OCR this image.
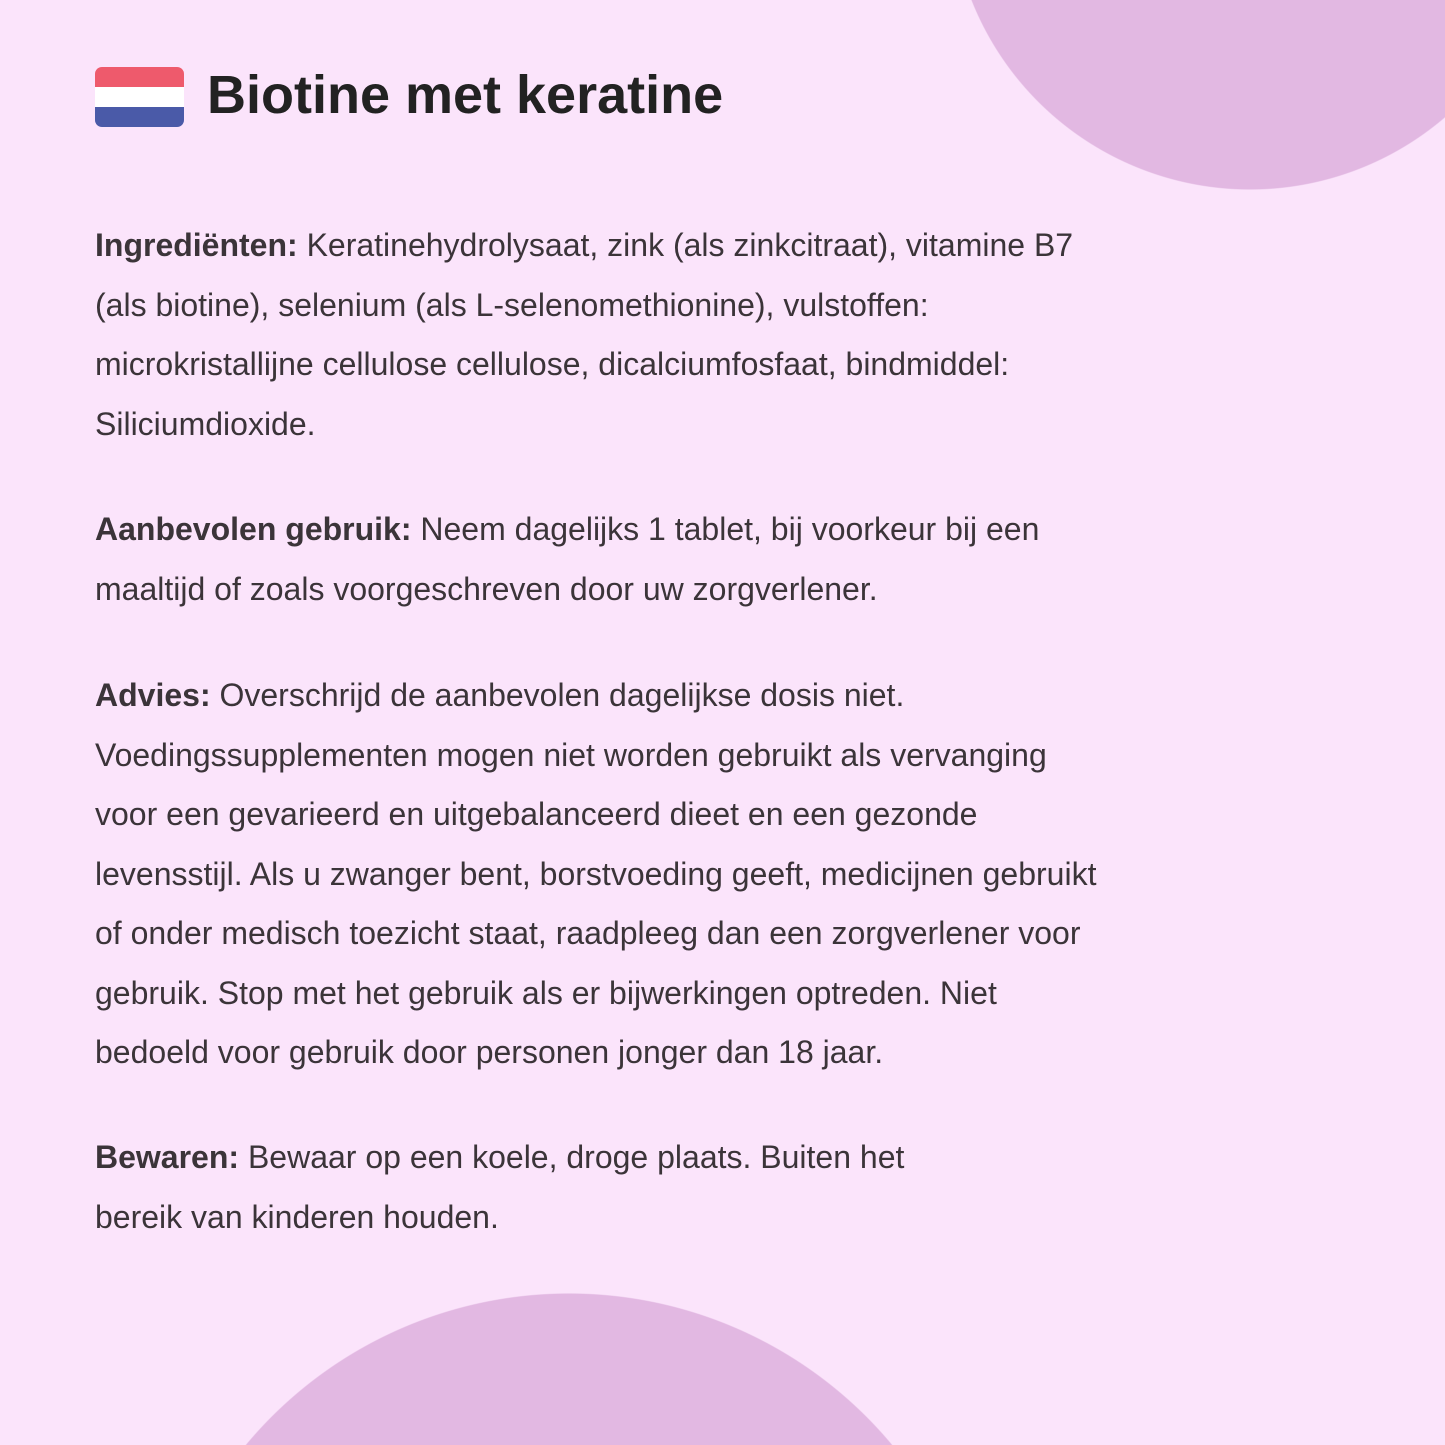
Biotine met keratine
Ingrediënten: Keratinehydrolysaat, zink (als zinkcitraat), vitamine B7
(als biotine), selenium (als L-selenomethionine), vulstoffen:
microkristallijne cellulose cellulose, dicalciumfosfaat, bindmiddel:
Siliciumdioxide.
Aanbevolen gebruik: Neem dagelijks 1 tablet, bij voorkeur bij een
maaltijd of zoals voorgeschreven door uw zorgverlener.
Advies: Overschrijd de aanbevolen dagelijkse dosis niet.
Voedingssupplementen mogen niet worden gebruikt als vervanging
voor een gevarieerd en uitgebalanceerd dieet en een gezonde
levensstijl. Als u zwanger bent, borstvoeding geeft, medicijnen gebruikt
of onder medisch toezicht staat, raadpleeg dan een zorgverlener voor
gebruik. Stop met het gebruik als er bijwerkingen optreden. Niet
bedoeld voor gebruik door personen jonger dan 18 jaar.
Bewaren: Bewaar op een koele, droge plaats. Buiten het
bereik van kinderen houden.
